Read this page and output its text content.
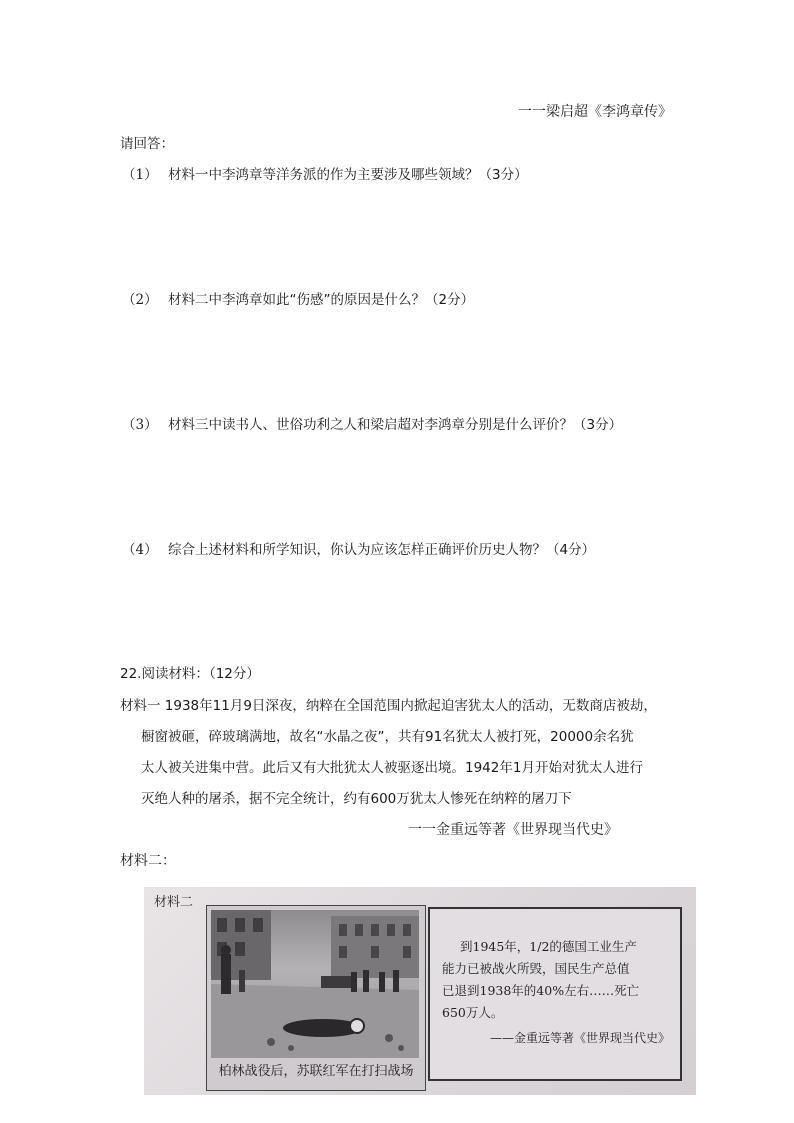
一一梁启超《李鸿章传》
请回答：
（1） 材料一中李鸿章等洋务派的作为主要涉及哪些领域？（3分）
（2） 材料二中李鸿章如此“伤感”的原因是什么？（2分）
（3） 材料三中读书人、世俗功利之人和梁启超对李鸿章分别是什么评价？（3分）
（4） 综合上述材料和所学知识，你认为应该怎样正确评价历史人物？（4分）
22.阅读材料：（12分）
材料一 1938年11月9日深夜，纳粹在全国范围内掀起迫害犹太人的活动，无数商店被劫，
橱窗被砸，碎玻璃满地，故名“水晶之夜”，共有91名犹太人被打死，20000余名犹
太人被关进集中营。此后又有大批犹太人被驱逐出境。1942年1月开始对犹太人进行
灭绝人种的屠杀，据不完全统计，约有600万犹太人惨死在纳粹的屠刀下
一一金重远等著《世界现当代史》
材料二：
材料二
柏林战役后，苏联红军在打扫战场
到1945年，1/2的德国工业生产
能力已被战火所毁，国民生产总值
已退到1938年的40%左右……死亡
650万人。
——金重远等著《世界现当代史》
